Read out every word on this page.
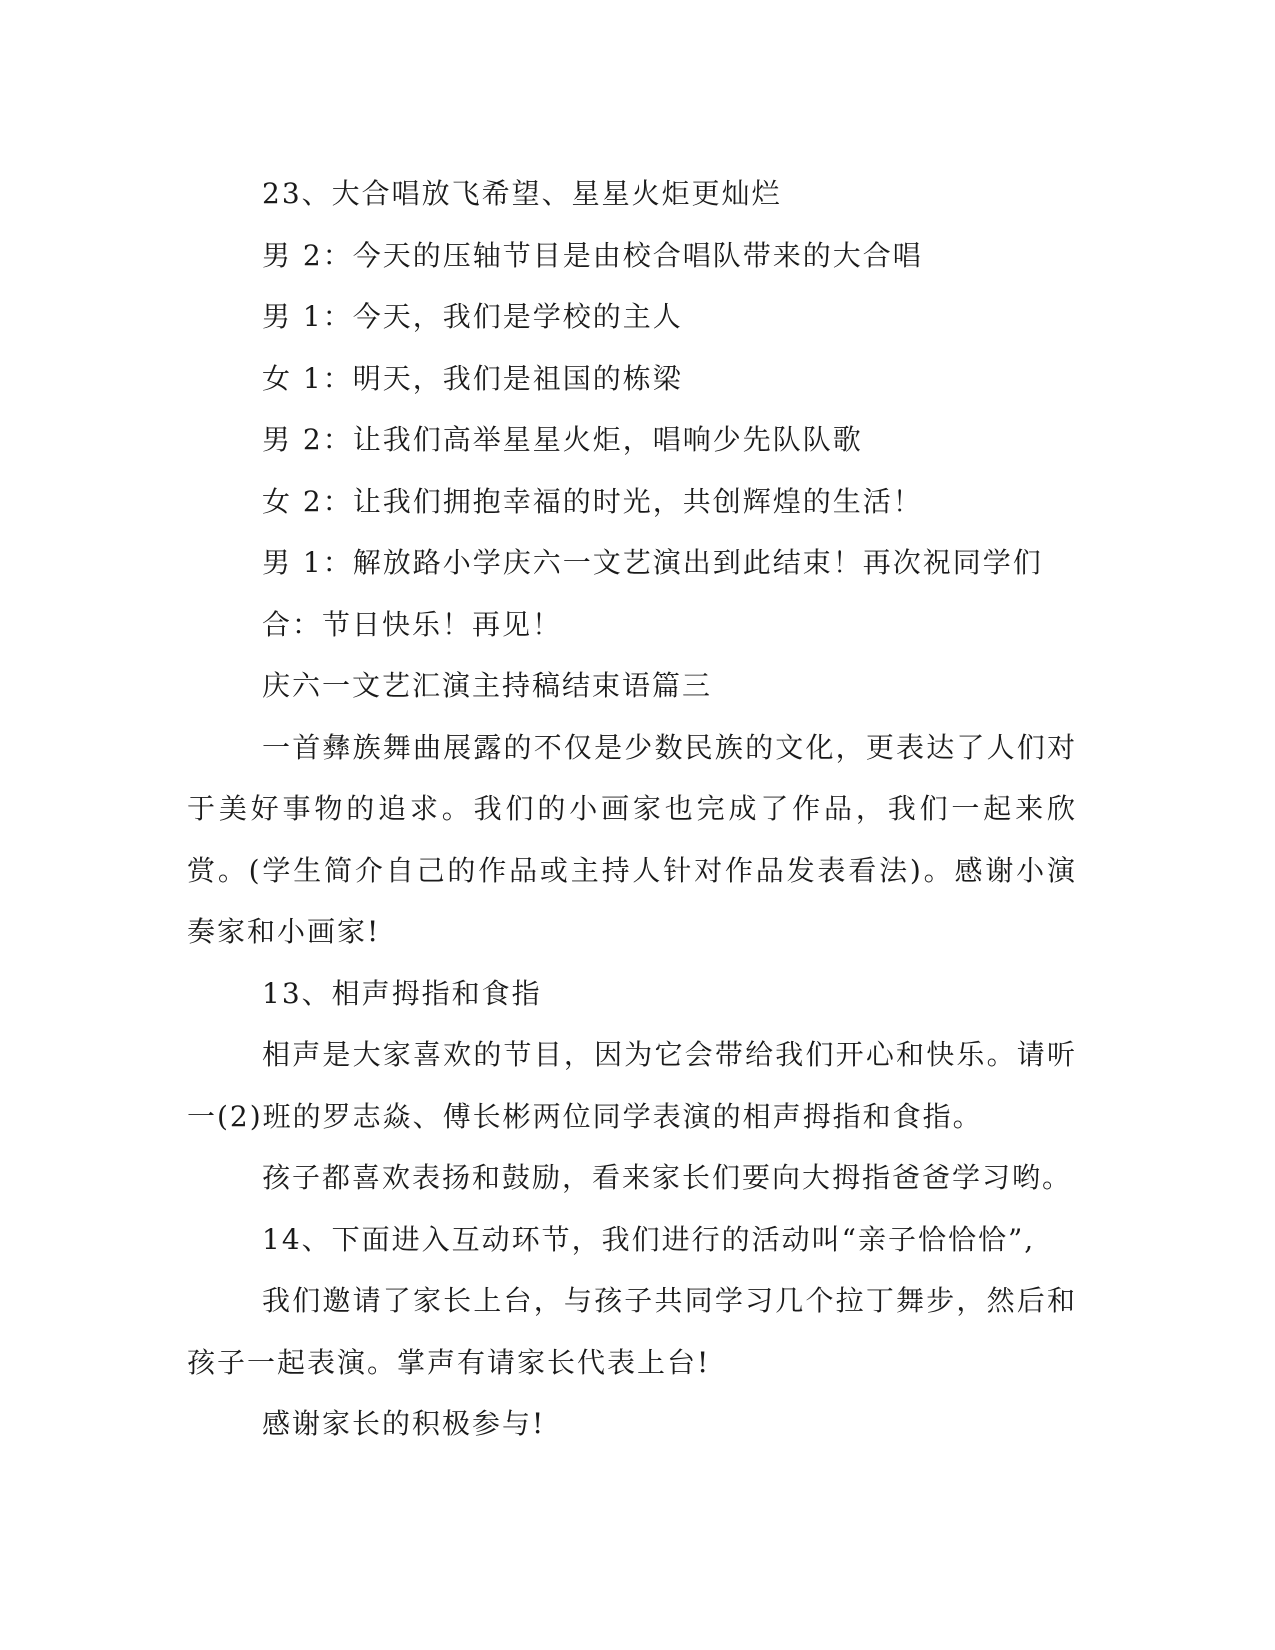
23、大合唱放飞希望、星星火炬更灿烂

男 2：今天的压轴节目是由校合唱队带来的大合唱

男 1：今天，我们是学校的主人

女 1：明天，我们是祖国的栋梁

男 2：让我们高举星星火炬，唱响少先队队歌

女 2：让我们拥抱幸福的时光，共创辉煌的生活！

男 1：解放路小学庆六一文艺演出到此结束！再次祝同学们

合：节日快乐！再见！

庆六一文艺汇演主持稿结束语篇三

一首彝族舞曲展露的不仅是少数民族的文化，更表达了人们对于美好事物的追求。我们的小画家也完成了作品，我们一起来欣赏。(学生简介自己的作品或主持人针对作品发表看法)。感谢小演奏家和小画家!

13、相声拇指和食指

相声是大家喜欢的节目，因为它会带给我们开心和快乐。请听一(2)班的罗志焱、傅长彬两位同学表演的相声拇指和食指。

孩子都喜欢表扬和鼓励，看来家长们要向大拇指爸爸学习哟。

14、下面进入互动环节，我们进行的活动叫“亲子恰恰恰”,

我们邀请了家长上台，与孩子共同学习几个拉丁舞步，然后和孩子一起表演。掌声有请家长代表上台!

感谢家长的积极参与!
